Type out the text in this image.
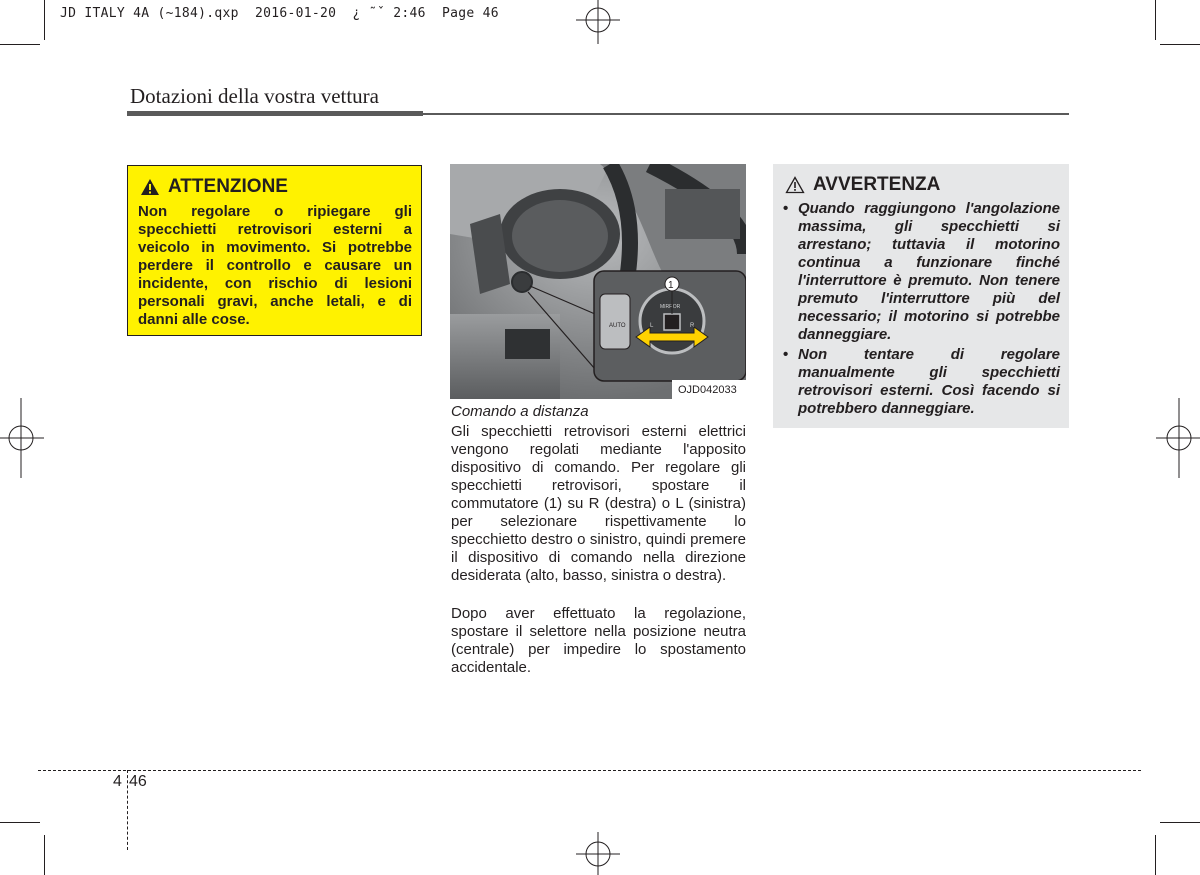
JD ITALY 4A (~184).qxp  2016-01-20  ¿ ˜ˇ 2:46  Page 46
Dotazioni della vostra vettura
ATTENZIONE
Non regolare o ripiegare gli specchietti retrovisori esterni a veicolo in movimento. Si potrebbe perdere il controllo e causare un incidente, con rischio di lesioni personali gravi, anche letali, e di danni alle cose.	AUTO
MIRROR
L	R
1
OJD042033
Comando a distanza
Gli specchietti retrovisori esterni elettrici vengono regolati mediante l'apposito dispositivo di comando. Per regolare gli specchietti retrovisori, spostare il commutatore (1) su R (destra) o L (sinistra) per selezionare rispettivamente lo specchietto destro o sinistro, quindi premere il dispositivo di comando nella direzione desiderata (alto, basso, sinistra o destra).
Dopo aver effettuato la regolazione, spostare il selettore nella posizione neutra (centrale) per impedire lo spostamento accidentale.
AVVERTENZA
• Quando raggiungono l'angolazione massima, gli specchietti si arrestano; tuttavia il motorino continua a funzionare finché l'interruttore è premuto. Non tenere premuto l'interruttore più del necessario; il motorino si potrebbe danneggiare.
• Non tentare di regolare manualmente gli specchietti retrovisori esterni. Così facendo si potrebbero danneggiare.
4 46
